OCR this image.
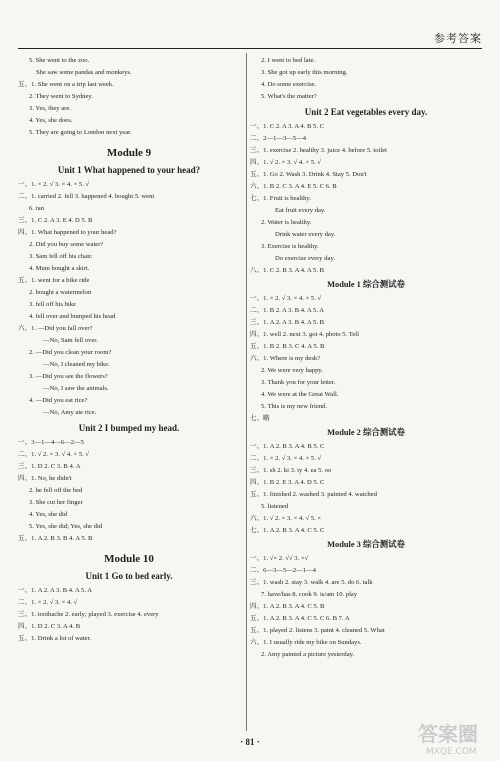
参考答案
5. She went to the zoo.
She saw some pandas and monkeys.
五、1. She went on a trip last week.
2. They went to Sydney.
3. Yes, they are.
4. Yes, she does.
5. They are going to London next year.
Module 9
Unit 1 What happened to your head?
一、1. × 2. √ 3. × 4. × 5. √
二、1. carried 2. fell 3. happened 4. bought 5. went
6. ran
三、1. C 2. A 3. E 4. D 5. B
四、1. What happened to your head?
2. Did you buy some water?
3. Sam fell off his chair.
4. Mum bought a skirt.
五、1. went for a bike ride
2. bought a watermelon
3. fell off his bike
4. fell over and bumped his head
六、1. —Did you fall over?
—No, Sam fell over.
2. —Did you clean your room?
—No, I cleaned my bike.
3. —Did you see the flowers?
—No, I saw the animals.
4. —Did you eat rice?
—No, Amy ate rice.
Unit 2 I bumped my head.
一、3—1—4—6—2—5
二、1. √ 2. × 3. √ 4. × 5. √
三、1. D 2. C 3. B 4. A
四、1. No, he didn't
2. he fell off the bed
3. She cut her finger
4. Yes, she did
5. Yes, she did; Yes, she did
五、1. A 2. B 3. B 4. A 5. B
Module 10
Unit 1 Go to bed early.
一、1. A 2. A 3. B 4. A 5. A
二、1. × 2. √ 3. × 4. √
三、1. toothache 2. early; played 3. exercise 4. every
四、1. D 2. C 3. A 4. B
五、1. Drink a lot of water.
2. I went to bed late.
3. She got up early this morning.
4. Do some exercise.
5. What's the matter?
Unit 2 Eat vegetables every day.
一、1. C 2. A 3. A 4. B 5. C
二、2—1—3—5—4
三、1. exercise 2. healthy 3. juice 4. before 5. toilet
四、1. √ 2. × 3. √ 4. × 5. √
五、1. Go 2. Wash 3. Drink 4. Stay 5. Don't
六、1. B 2. C 3. A 4. E 5. C 6. B
七、1. Fruit is healthy.
Eat fruit every day.
2. Water is healthy.
Drink water every day.
3. Exercise is healthy.
Do exercise every day.
八、1. C 2. B 3. A 4. A 5. B
Module 1 综合测试卷
一、1. × 2. √ 3. × 4. × 5. √
二、1. B 2. A 3. B 4. A 5. A
三、1. A 2. A 3. B 4. A 5. B
四、1. well 2. next 3. got 4. photo 5. Tell
五、1. B 2. B 3. C 4. A 5. B
六、1. Where is my desk?
2. We were very happy.
3. Thank you for your letter.
4. We were at the Great Wall.
5. This is my new friend.
七、略
Module 2 综合测试卷
一、1. A 2. B 3. A 4. B 5. C
二、1. × 2. √ 3. × 4. × 5. √
三、1. sh 2. ki 3. ty 4. ea 5. oo
四、1. B 2. E 3. A 4. D 5. C
五、1. finished 2. washed 3. painted 4. watched
5. listened
六、1. √ 2. × 3. × 4. √ 5. ×
七、1. A 2. B 3. A 4. C 5. C
Module 3 综合测试卷
一、1. √× 2. √√ 3. ×√
二、6—3—5—2—1—4
三、1. wash 2. stay 3. walk 4. are 5. do 6. talk
7. have/has 8. cook 9. is/am 10. play
四、1. A 2. B 3. A 4. C 5. B
五、1. A 2. B 3. A 4. C 5. C 6. B 7. A
五、1. played 2. listens 3. paint 4. cleaned 5. What
六、1. I usually ride my bike on Sundays.
2. Amy painted a picture yesterday.
· 81 ·	答案圈
MXQE.COM
